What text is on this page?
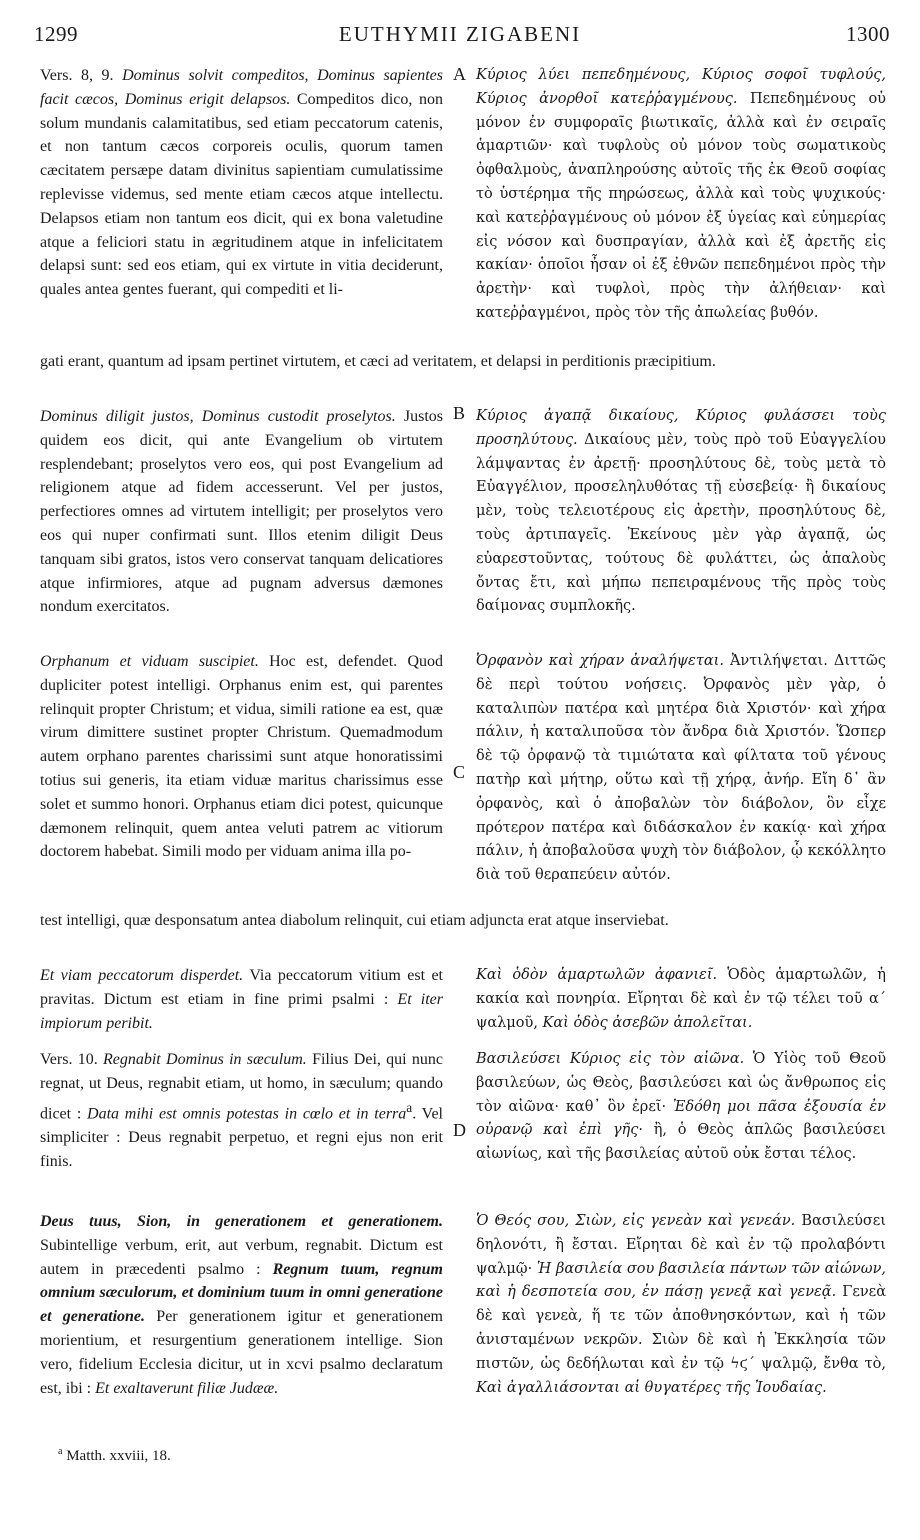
1299	EUTHYMII ZIGABENI	1300
A
B
C
D

Vers. 8, 9. Dominus solvit compeditos, Dominus sapientes facit cæcos, Dominus erigit delapsos. Compeditos dico, non solum mundanis calamitatibus, sed etiam peccatorum catenis, et non tantum cæcos corporeis oculis, quorum tamen cæcitatem persæpe datam divinitus sapientiam cumulatissime replevisse videmus, sed mente etiam cæcos atque intellectu. Delapsos etiam non tantum eos dicit, qui ex bona valetudine atque a feliciori statu in ægritudinem atque in infelicitatem delapsi sunt: sed eos etiam, qui ex virtute in vitia deciderunt, quales antea gentes fuerant, qui compediti et li-

Κύριος λύει πεπεδημένους, Κύριος σοφοῖ τυφλούς, Κύριος ἀνορθοῖ κατεῤῥαγμένους. Πεπεδημένους οὐ μόνον ἐν συμφοραῖς βιωτικαῖς, ἀλλὰ καὶ ἐν σειραῖς ἁμαρτιῶν· καὶ τυφλοὺς οὐ μόνον τοὺς σωματικοὺς ὀφθαλμοὺς, ἀναπληρούσης αὐτοῖς τῆς ἐκ Θεοῦ σοφίας τὸ ὑστέρημα τῆς πηρώσεως, ἀλλὰ καὶ τοὺς ψυχικούς· καὶ κατεῤῥαγμένους οὐ μόνον ἐξ ὑγείας καὶ εὐημερίας εἰς νόσον καὶ δυσπραγίαν, ἀλλὰ καὶ ἐξ ἀρετῆς εἰς κακίαν· ὁποῖοι ἦσαν οἱ ἐξ ἐθνῶν πεπεδημένοι πρὸς τὴν ἀρετὴν· καὶ τυφλοὶ, πρὸς τὴν ἀλήθειαν· καὶ κατεῤῥαγμένοι, πρὸς τὸν τῆς ἀπωλείας βυθόν.

gati erant, quantum ad ipsam pertinet virtutem, et cæci ad veritatem, et delapsi in perditionis præcipitium.

Dominus diligit justos, Dominus custodit proselytos. Justos quidem eos dicit, qui ante Evangelium ob virtutem resplendebant; proselytos vero eos, qui post Evangelium ad religionem atque ad fidem accesserunt. Vel per justos, perfectiores omnes ad virtutem intelligit; per proselytos vero eos qui nuper confirmati sunt. Illos etenim diligit Deus tanquam sibi gratos, istos vero conservat tanquam delicatiores atque infirmiores, atque ad pugnam adversus dæmones nondum exercitatos.

Κύριος ἀγαπᾷ δικαίους, Κύριος φυλάσσει τοὺς προσηλύτους. Δικαίους μὲν, τοὺς πρὸ τοῦ Εὐαγγελίου λάμψαντας ἐν ἀρετῇ· προσηλύτους δὲ, τοὺς μετὰ τὸ Εὐαγγέλιον, προσεληλυθότας τῇ εὐσεβείᾳ· ἢ δικαίους μὲν, τοὺς τελειοτέρους εἰς ἀρετὴν, προσηλύτους δὲ, τοὺς ἀρτιπαγεῖς. Ἐκείνους μὲν γὰρ ἀγαπᾷ, ὡς εὐαρεστοῦντας, τούτους δὲ φυλάττει, ὡς ἁπαλοὺς ὄντας ἔτι, καὶ μήπω πεπειραμένους τῆς πρὸς τοὺς δαίμονας συμπλοκῆς.

Orphanum et viduam suscipiet. Hoc est, defendet. Quod dupliciter potest intelligi. Orphanus enim est, qui parentes relinquit propter Christum; et vidua, simili ratione ea est, quæ virum dimittere sustinet propter Christum. Quemadmodum autem orphano parentes charissimi sunt atque honoratissimi totius sui generis, ita etiam viduæ maritus charissimus esse solet et summo honori. Orphanus etiam dici potest, quicunque dæmonem relinquit, quem antea veluti patrem ac vitiorum doctorem habebat. Simili modo per viduam anima illa po-

Ὀρφανὸν καὶ χήραν ἀναλήψεται. Ἀντιλήψεται. Διττῶς δὲ περὶ τούτου νοήσεις. Ὀρφανὸς μὲν γὰρ, ὁ καταλιπὼν πατέρα καὶ μητέρα διὰ Χριστόν· καὶ χήρα πάλιν, ἡ καταλιποῦσα τὸν ἄνδρα διὰ Χριστόν. Ὥσπερ δὲ τῷ ὀρφανῷ τὰ τιμιώτατα καὶ φίλτατα τοῦ γένους πατὴρ καὶ μήτηρ, οὕτω καὶ τῇ χήρᾳ, ἀνήρ. Εἴη δ᾽ ἂν ὀρφανὸς, καὶ ὁ ἀποβαλὼν τὸν διάβολον, ὃν εἶχε πρότερον πατέρα καὶ διδάσκαλον ἐν κακίᾳ· καὶ χήρα πάλιν, ἡ ἀποβαλοῦσα ψυχὴ τὸν διάβολον, ᾧ κεκόλλητο διὰ τοῦ θεραπεύειν αὐτόν.

test intelligi, quæ desponsatum antea diabolum relinquit, cui etiam adjuncta erat atque inserviebat.

Et viam peccatorum disperdet. Via peccatorum vitium est et pravitas. Dictum est etiam in fine primi psalmi : Et iter impiorum peribit.

Καὶ ὁδὸν ἁμαρτωλῶν ἀφανιεῖ. Ὁδὸς ἁμαρτωλῶν, ἡ κακία καὶ πονηρία. Εἴρηται δὲ καὶ ἐν τῷ τέλει τοῦ α΄ ψαλμοῦ, Καὶ ὁδὸς ἀσεβῶν ἀπολεῖται.

Vers. 10. Regnabit Dominus in sæculum. Filius Dei, qui nunc regnat, ut Deus, regnabit etiam, ut homo, in sæculum; quando dicet : Data mihi est omnis potestas in cœlo et in terra$^a$. Vel simpliciter : Deus regnabit perpetuo, et regni ejus non erit finis.

Βασιλεύσει Κύριος εἰς τὸν αἰῶνα. Ὁ Υἱὸς τοῦ Θεοῦ βασιλεύων, ὡς Θεὸς, βασιλεύσει καὶ ὡς ἄνθρωπος εἰς τὸν αἰῶνα· καθ᾽ ὃν ἐρεῖ· Ἐδόθη μοι πᾶσα ἐξουσία ἐν οὐρανῷ καὶ ἐπὶ γῆς· ἢ, ὁ Θεὸς ἁπλῶς βασιλεύσει αἰωνίως, καὶ τῆς βασιλείας αὐτοῦ οὐκ ἔσται τέλος.

Deus tuus, Sion, in generationem et generationem. Subintellige verbum, erit, aut verbum, regnabit. Dictum est autem in præcedenti psalmo : Regnum tuum, regnum omnium sæculorum, et dominium tuum in omni generatione et generatione. Per generationem igitur et generationem morientium, et resurgentium generationem intellige. Sion vero, fidelium Ecclesia dicitur, ut in xcvi psalmo declaratum est, ibi : Et exaltaverunt filiæ Judææ.

Ὁ Θεός σου, Σιὼν, εἰς γενεὰν καὶ γενεάν. Βασιλεύσει δηλονότι, ἢ ἔσται. Εἴρηται δὲ καὶ ἐν τῷ προλαβόντι ψαλμῷ· Ἡ βασιλεία σου βασιλεία πάντων τῶν αἰώνων, καὶ ἡ δεσποτεία σου, ἐν πάσῃ γενεᾷ καὶ γενεᾷ. Γενεὰ δὲ καὶ γενεὰ, ἥ τε τῶν ἀποθνησκόντων, καὶ ἡ τῶν ἀνισταμένων νεκρῶν. Σιὼν δὲ καὶ ἡ Ἐκκλησία τῶν πιστῶν, ὡς δεδήλωται καὶ ἐν τῷ ϟϛ΄ ψαλμῷ, ἔνθα τὸ, Καὶ ἀγαλλιάσονται αἱ θυγατέρες τῆς Ἰουδαίας.

$^a$ Matth. xxviii, 18.
